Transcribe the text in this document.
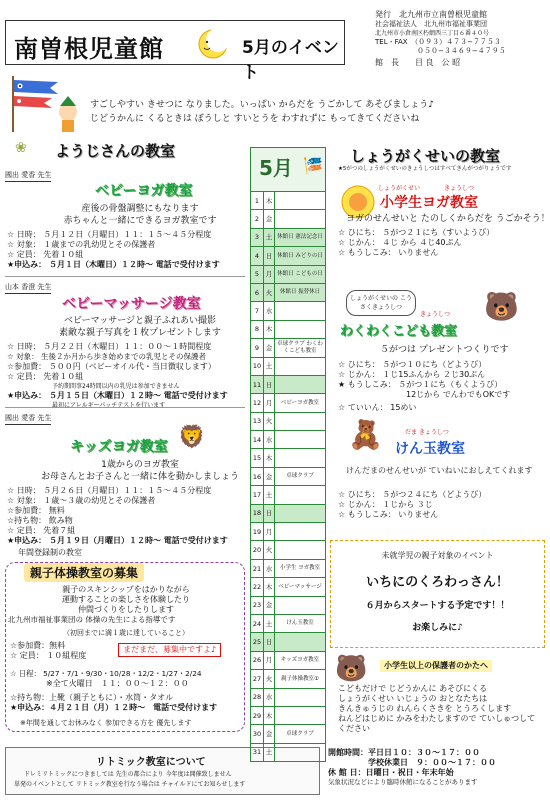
南曽根児童館	5月のイベント
発行　北九州市立南曽根児童館
社会福祉法人　北九州市福祉事業団
北九州市小倉南区朽網西三丁目６番４０号
TEL・FAX　（０９３）４７３−７７５３
０５０−３４６９−４７９５
館　長　　目 良　公 昭
すごしやすい きせつに なりました。いっぱい からだを うごかして あそびましょう♪
じどうかんに くるときは ぼうしと すいとうを わすれずに もってきてくださいね
ようじさんの教室
❀
國出 愛香 先生
ベビーヨガ教室
産後の骨盤調整にもなります
赤ちゃんと一緒にできるヨガ教室です
☆ 日時： ５月１２日（月曜日）１１：１５〜４５分程度
☆ 対象： １歳までの乳幼児とその保護者
☆ 定員： 先着１０組
★申込み： ５月１日（木曜日）１２時〜 電話で受付けます
山本 香澄 先生
ベビーマッサージ教室
ベビーマッサージと親子ふれあい撮影
素敵な親子写真を１枚プレゼントします
☆ 日時： ５月２２日（木曜日）１１：００〜１時間程度
☆ 対象： 生後２か月から歩き始めまでの乳児とその保護者
☆参加費： ５００円（ベビーオイル代・当日徴収します）
☆ 定員： 先着１０組
予約期間事24時間以内の乳児は参加できません
★申込み： ５月１５日（木曜日）１２時〜 電話で受付けます
最初にアレルギーパッチテストを行います
國出 愛香 先生
キッズヨガ教室 🦁
1歳からのヨガ教室
お母さんとお子さんと一緒に体を動かしましょう
☆ 日時： ５月２６日（月曜日）１１：１５〜４５分程度
☆ 対象： １歳〜３歳の幼児とその保護者
☆参加費： 無料
☆持ち物： 飲み物
☆ 定員： 先着７組
★申込み： ５月１９日（月曜日）１２時〜 電話で受付けます
年間登録制の教室
親子体操教室の募集
親子のスキンシップをはかりながら
運動することの楽しさを体験したり
仲間づくりをしたりします
北九州市福祉事業団の 体操の先生による指導です
（初回までに満１歳に達していること）
☆参加費：無料
☆ 定員： １０組程度
まだまだ、募集中ですよ♪
☆ 日程： 5/27・7/1・9/30・10/28・12/2・1/27・2/24
※全て火曜日　１１：００〜１２：００
☆持ち物：上靴（親子ともに）・水筒・タオル
★申込み：４月２１日（月）１２時〜　電話で受付けます
※年間を通してお休みなく 参加できる方を 優先します
リトミック教室について
ドレミリトミックにつきましては 先生の都合により 今年度は開催致しません
単発のイベントとして リトミック教室を行なう場合は チャイルドにてお知らせします
5月 🎏
1	木
2	金
3	土 休館日 憲法記念日
4	日 休館日 みどりの日
5	月 休館日 こどもの日
6	火	休館日 振替休日
7	水
8	木
9	金 卓球クラブ わくわくこども教室
10 土
11 日
12 月	ベビーヨガ教室
13 火
14 水
15 木
16 金	卓球クラブ
17 土
18 日
19 月
20 火
21 水	小学生 ヨガ教室
22 木	ベビーマッサージ
23 金
24 土	けん玉教室
25 日
26 月	キッズヨガ教室
27 火	親子体操教室①
28 水
29 木
30 金	卓球クラブ
31 土
しょうがくせいの教室
★5がつのしょうがくせいのきょうしつはすべてきんがつがりょうです
しょうがくせい　　　　きょうしつ
小学生ヨガ教室
ヨガのせんせいと たのしくからだを うごかそう！
☆ ひにち： ５がつ２１にち（すいようび）
☆ じかん： ４じ から ４じ40ぷん
☆ もうしこみ： いりません
しょうがくせいの こうさくきょうしつ	🐻
きょうしつ
わくわくこども教室
５がつは プレゼントつくりです
☆ ひにち： ５がつ１０にち（どようび）
☆ じかん： １じ15ふんから ２じ30ぷん
★ もうしこみ： ５がつ１にち（もくようび）
12じから でんわでもOKです
☆ ていいん： 15めい
🧸	だま きょうしつ
けん玉教室
けんだまのせんせいが ていねいにおしえてくれます
☆ ひにち： ５がつ２４にち（どようび）
☆ じかん： １じから ３じ
☆ もうしこみ： いりません
未就学児の親子対象のイベント
いちにのくろわっさん！
６月からスタートする予定です！！
お楽しみに♪
🐻	小学生以上の保護者のかたへ
こどもだけで じどうかんに あそびにくる
しょうがくせい いじょうの おとなたちは
きんきゅうじの れんらくさきを とうろくします
ねんどはじめに かみをわたしますので ていしゅつして
ください
開館時間：平日日１０：３０〜１７：００
　　　　　学校休業日　９：００〜１７：００
休 館 日：日曜日・祝日・年末年始
気象状況などにより臨時休館になることがあります
